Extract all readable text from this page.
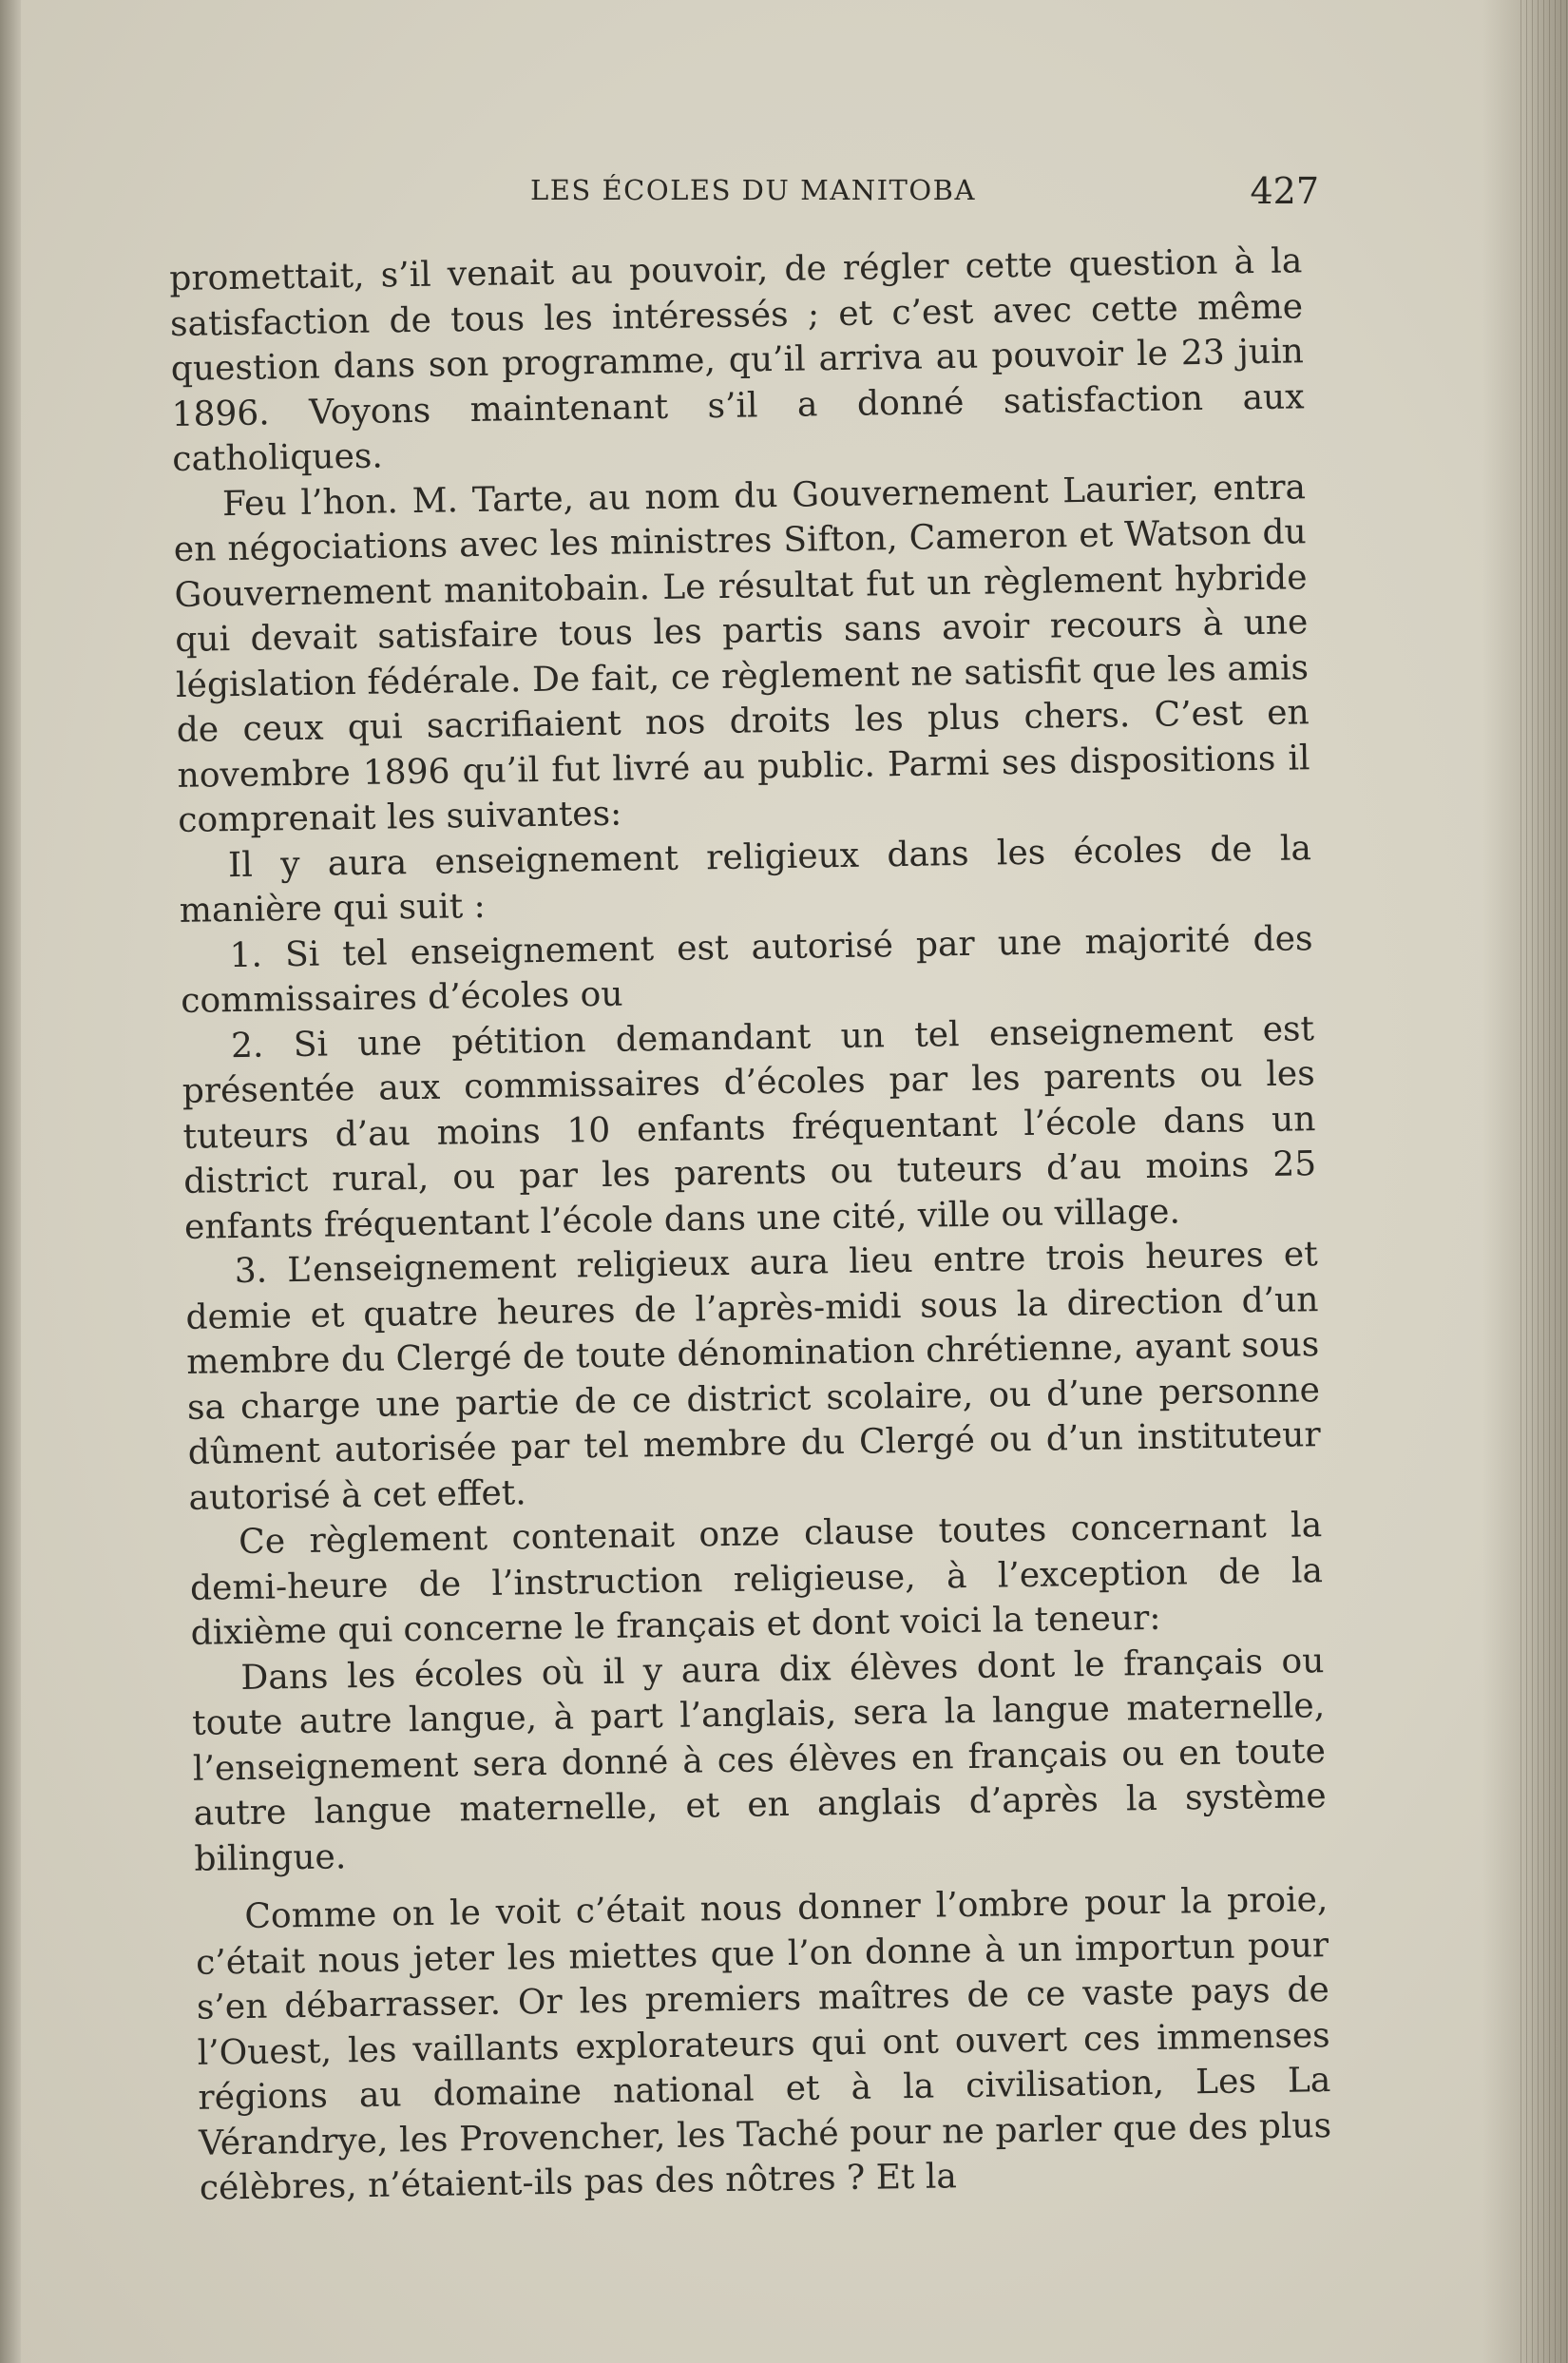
LES ÉCOLES DU MANITOBA	427

promettait, s’il venait au pouvoir, de régler cette question à la satisfaction de tous les intéressés ; et c’est avec cette même question dans son programme, qu’il arriva au pouvoir le 23 juin 1896. Voyons maintenant s’il a donné satisfaction aux catholiques.

Feu l’hon. M. Tarte, au nom du Gouvernement Laurier, entra en négociations avec les ministres Sifton, Cameron et Watson du Gouvernement manitobain. Le résultat fut un règlement hybride qui devait satisfaire tous les partis sans avoir recours à une législation fédérale. De fait, ce règlement ne satisfit que les amis de ceux qui sacrifiaient nos droits les plus chers. C’est en novembre 1896 qu’il fut livré au public. Parmi ses dispositions il comprenait les suivantes:

Il y aura enseignement religieux dans les écoles de la manière qui suit :

1. Si tel enseignement est autorisé par une majorité des commissaires d’écoles ou

2. Si une pétition demandant un tel enseignement est présentée aux commissaires d’écoles par les parents ou les tuteurs d’au moins 10 enfants fréquentant l’école dans un district rural, ou par les parents ou tuteurs d’au moins 25 enfants fréquentant l’école dans une cité, ville ou village.

3. L’enseignement religieux aura lieu entre trois heures et demie et quatre heures de l’après-midi sous la direction d’un membre du Clergé de toute dénomination chrétienne, ayant sous sa charge une partie de ce district scolaire, ou d’une personne dûment autorisée par tel membre du Clergé ou d’un instituteur autorisé à cet effet.

Ce règlement contenait onze clause toutes concernant la demi-heure de l’instruction religieuse, à l’exception de la dixième qui concerne le français et dont voici la teneur:

Dans les écoles où il y aura dix élèves dont le français ou toute autre langue, à part l’anglais, sera la langue maternelle, l’enseignement sera donné à ces élèves en français ou en toute autre langue maternelle, et en anglais d’après la système bilingue.

Comme on le voit c’était nous donner l’ombre pour la proie, c’était nous jeter les miettes que l’on donne à un importun pour s’en débarrasser. Or les premiers maîtres de ce vaste pays de l’Ouest, les vaillants explorateurs qui ont ouvert ces immenses régions au domaine national et à la civilisation, Les La Vérandrye, les Provencher, les Taché pour ne parler que des plus célèbres, n’étaient-ils pas des nôtres ? Et la
